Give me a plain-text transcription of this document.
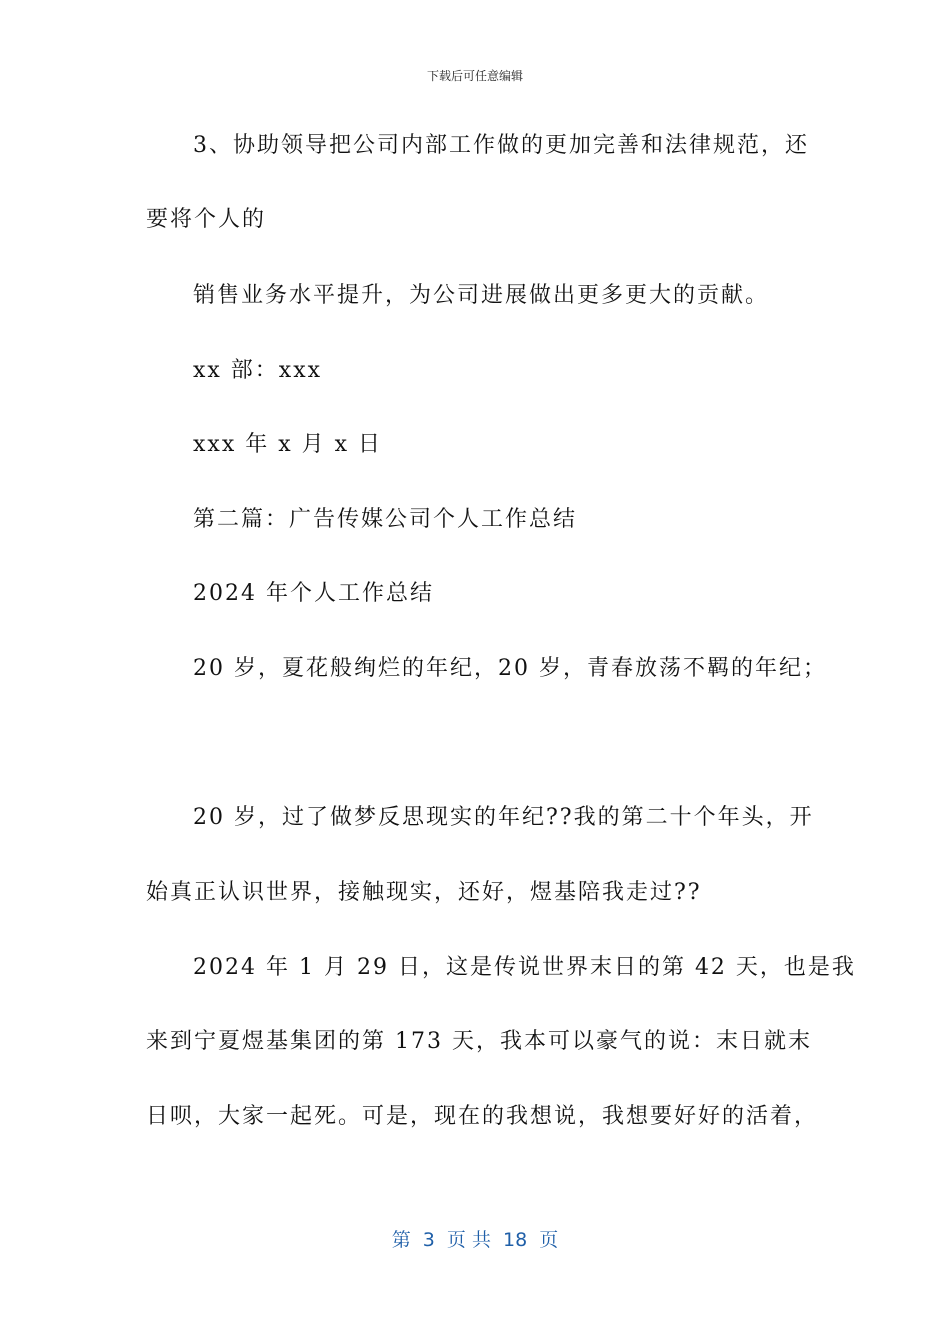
下载后可任意编辑
3、协助领导把公司内部工作做的更加完善和法律规范，还
要将个人的
销售业务水平提升，为公司进展做出更多更大的贡献。
xx 部：xxx
xxx 年 x 月 x 日
第二篇：广告传媒公司个人工作总结
2024 年个人工作总结
20 岁，夏花般绚烂的年纪，20 岁，青春放荡不羁的年纪；
20 岁，过了做梦反思现实的年纪??我的第二十个年头，开
始真正认识世界，接触现实，还好，煜基陪我走过??
2024 年 1 月 29 日，这是传说世界末日的第 42 天，也是我
来到宁夏煜基集团的第 173 天，我本可以豪气的说：末日就末
日呗，大家一起死。可是，现在的我想说，我想要好好的活着，
第  3  页 共  18  页
